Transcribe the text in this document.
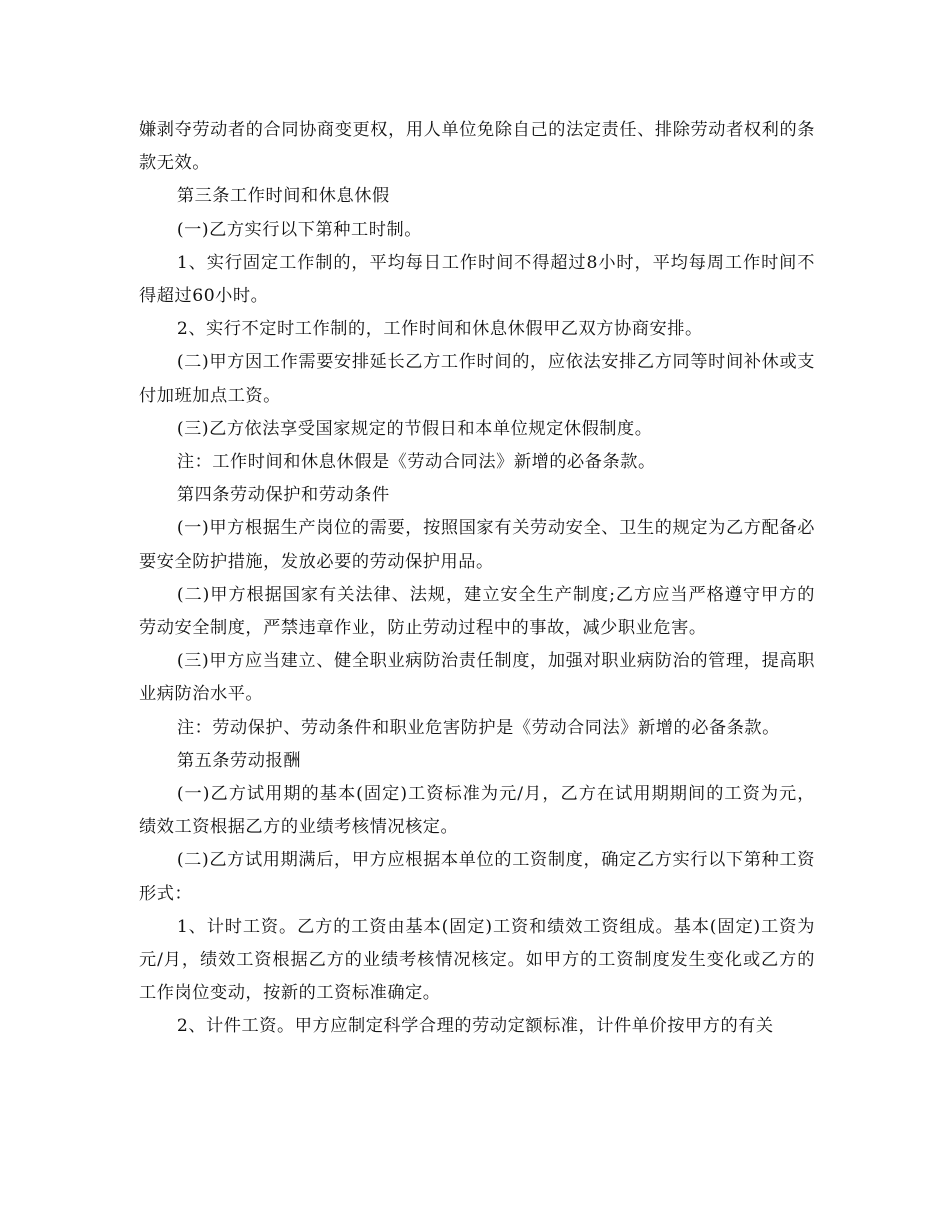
嫌剥夺劳动者的合同协商变更权，用人单位免除自己的法定责任、排除劳动者权利的条款无效。

第三条工作时间和休息休假

(一)乙方实行以下第种工时制。

1、实行固定工作制的，平均每日工作时间不得超过8小时，平均每周工作时间不得超过60小时。

2、实行不定时工作制的，工作时间和休息休假甲乙双方协商安排。

(二)甲方因工作需要安排延长乙方工作时间的，应依法安排乙方同等时间补休或支付加班加点工资。

(三)乙方依法享受国家规定的节假日和本单位规定休假制度。

注：工作时间和休息休假是《劳动合同法》新增的必备条款。

第四条劳动保护和劳动条件

(一)甲方根据生产岗位的需要，按照国家有关劳动安全、卫生的规定为乙方配备必要安全防护措施，发放必要的劳动保护用品。

(二)甲方根据国家有关法律、法规，建立安全生产制度;乙方应当严格遵守甲方的劳动安全制度，严禁违章作业，防止劳动过程中的事故，减少职业危害。

(三)甲方应当建立、健全职业病防治责任制度，加强对职业病防治的管理，提高职业病防治水平。

注：劳动保护、劳动条件和职业危害防护是《劳动合同法》新增的必备条款。

第五条劳动报酬

(一)乙方试用期的基本(固定)工资标准为元/月，乙方在试用期期间的工资为元，绩效工资根据乙方的业绩考核情况核定。

(二)乙方试用期满后，甲方应根据本单位的工资制度，确定乙方实行以下第种工资形式：

1、计时工资。乙方的工资由基本(固定)工资和绩效工资组成。基本(固定)工资为元/月，绩效工资根据乙方的业绩考核情况核定。如甲方的工资制度发生变化或乙方的工作岗位变动，按新的工资标准确定。

2、计件工资。甲方应制定科学合理的劳动定额标准，计件单价按甲方的有关
